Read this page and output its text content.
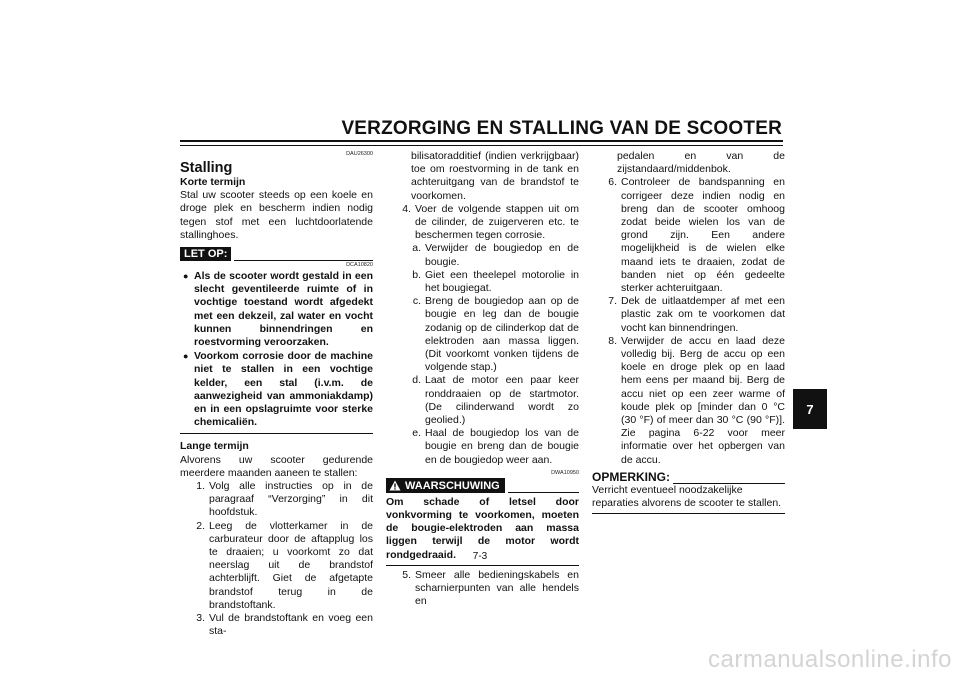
VERZORGING EN STALLING VAN DE SCOOTER
DAU26300
Stalling
Korte termijn
Stal uw scooter steeds op een koele en droge plek en bescherm indien nodig tegen stof met een luchtdoorlatende stallinghoes.
LET OP:
DCA10820
● Als de scooter wordt gestald in een slecht geventileerde ruimte of in vochtige toestand wordt afgedekt met een dekzeil, zal water en vocht kunnen binnendringen en roestvorming veroorzaken.
● Voorkom corrosie door de machine niet te stallen in een vochtige kelder, een stal (i.v.m. de aanwezigheid van ammoniakdamp) en in een opslagruimte voor sterke chemicaliën.
Lange termijn
Alvorens uw scooter gedurende meerdere maanden aaneen te stallen:
1. Volg alle instructies op in de paragraaf “Verzorging” in dit hoofdstuk.
2. Leeg de vlotterkamer in de carburateur door de aftapplug los te draaien; u voorkomt zo dat neerslag uit de brandstof achterblijft. Giet de afgetapte brandstof terug in de brandstoftank.
3. Vul de brandstoftank en voeg een sta-
bilisatoradditief (indien verkrijgbaar) toe om roestvorming in de tank en achteruitgang van de brandstof te voorkomen.
4. Voer de volgende stappen uit om de cilinder, de zuigerveren etc. te beschermen tegen corrosie.
a. Verwijder de bougiedop en de bougie.
b. Giet een theelepel motorolie in het bougiegat.
c. Breng de bougiedop aan op de bougie en leg dan de bougie zodanig op de cilinderkop dat de elektroden aan massa liggen. (Dit voorkomt vonken tijdens de volgende stap.)
d. Laat de motor een paar keer ronddraaien op de startmotor. (De cilinderwand wordt zo geolied.)
e. Haal de bougiedop los van de bougie en breng dan de bougie en de bougiedop weer aan.
DWA10950
WAARSCHUWING
Om schade of letsel door vonkvorming te voorkomen, moeten de bougie-elektroden aan massa liggen terwijl de motor wordt rondgedraaid.
5. Smeer alle bedieningskabels en scharnierpunten van alle hendels en
pedalen en van de zijstandaard/middenbok.
6. Controleer de bandspanning en corrigeer deze indien nodig en breng dan de scooter omhoog zodat beide wielen los van de grond zijn. Een andere mogelijkheid is de wielen elke maand iets te draaien, zodat de banden niet op één gedeelte sterker achteruitgaan.
7. Dek de uitlaatdemper af met een plastic zak om te voorkomen dat vocht kan binnendringen.
8. Verwijder de accu en laad deze volledig bij. Berg de accu op een koele en droge plek op en laad hem eens per maand bij. Berg de accu niet op een zeer warme of koude plek op [minder dan 0 °C (30 °F) of meer dan 30 °C (90 °F)]. Zie pagina 6-22 voor meer informatie over het opbergen van de accu.
OPMERKING:
Verricht eventueel noodzakelijke reparaties alvorens de scooter te stallen.
7-3
7
carmanualsonline.info
